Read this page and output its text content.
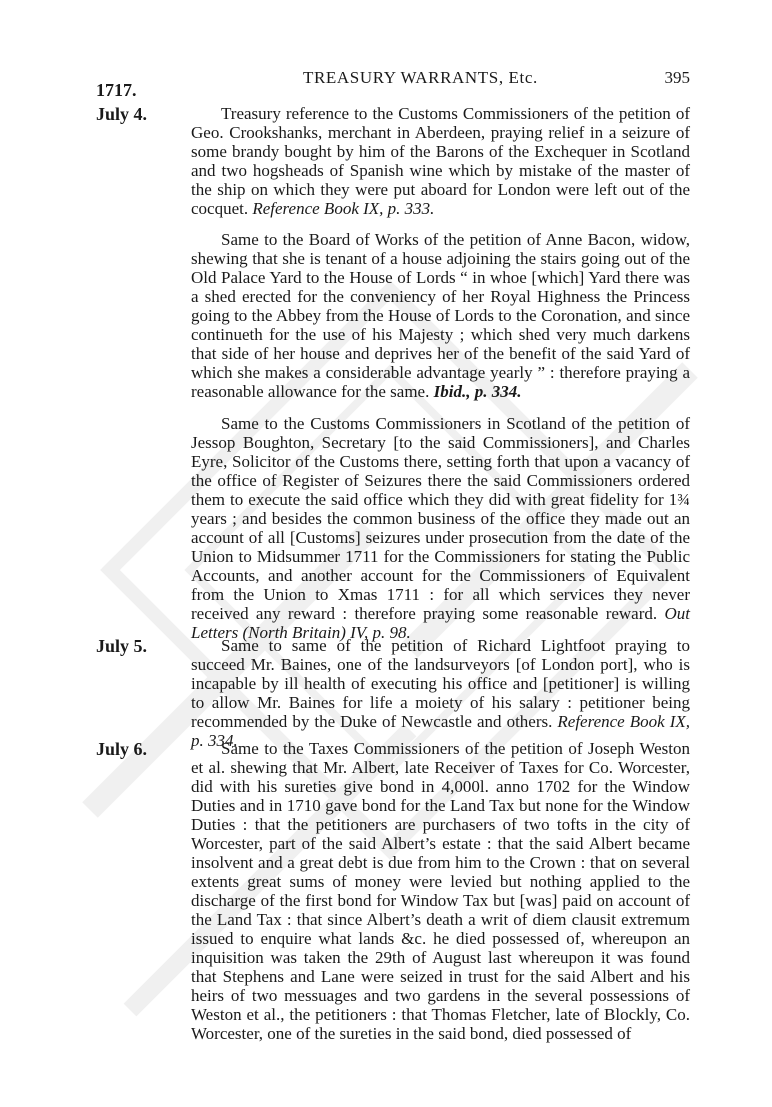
1717.
TREASURY WARRANTS, Etc.	395
July 4.	Treasury reference to the Customs Commissioners of the petition of Geo. Crookshanks, merchant in Aberdeen, praying relief in a seizure of some brandy bought by him of the Barons of the Exchequer in Scotland and two hogsheads of Spanish wine which by mistake of the master of the ship on which they were put aboard for London were left out of the cocquet. Reference Book IX, p. 333.

Same to the Board of Works of the petition of Anne Bacon, widow, shewing that she is tenant of a house adjoining the stairs going out of the Old Palace Yard to the House of Lords “ in whoe [which] Yard there was a shed erected for the conveniency of her Royal Highness the Princess going to the Abbey from the House of Lords to the Coronation, and since continueth for the use of his Majesty ; which shed very much darkens that side of her house and deprives her of the benefit of the said Yard of which she makes a considerable advantage yearly ” : therefore praying a reasonable allowance for the same. Ibid., p. 334.

Same to the Customs Commissioners in Scotland of the petition of Jessop Boughton, Secretary [to the said Commissioners], and Charles Eyre, Solicitor of the Customs there, setting forth that upon a vacancy of the office of Register of Seizures there the said Commissioners ordered them to execute the said office which they did with great fidelity for 1¾ years ; and besides the common business of the office they made out an account of all [Customs] seizures under prosecution from the date of the Union to Midsummer 1711 for the Commissioners for stating the Public Accounts, and another account for the Commissioners of Equivalent from the Union to Xmas 1711 : for all which services they never received any reward : therefore praying some reasonable reward. Out Letters (North Britain) IV, p. 98.

July 5.	Same to same of the petition of Richard Lightfoot praying to succeed Mr. Baines, one of the landsurveyors [of London port], who is incapable by ill health of executing his office and [petitioner] is willing to allow Mr. Baines for life a moiety of his salary : petitioner being recommended by the Duke of Newcastle and others. Reference Book IX, p. 334.

July 6.	Same to the Taxes Commissioners of the petition of Joseph Weston et al. shewing that Mr. Albert, late Receiver of Taxes for Co. Worcester, did with his sureties give bond in 4,000l. anno 1702 for the Window Duties and in 1710 gave bond for the Land Tax but none for the Window Duties : that the petitioners are purchasers of two tofts in the city of Worcester, part of the said Albert’s estate : that the said Albert became insolvent and a great debt is due from him to the Crown : that on several extents great sums of money were levied but nothing applied to the discharge of the first bond for Window Tax but [was] paid on account of the Land Tax : that since Albert’s death a writ of diem clausit extremum issued to enquire what lands &c. he died possessed of, whereupon an inquisition was taken the 29th of August last whereupon it was found that Stephens and Lane were seized in trust for the said Albert and his heirs of two messuages and two gardens in the several possessions of Weston et al., the petitioners : that Thomas Fletcher, late of Blockly, Co. Worcester, one of the sureties in the said bond, died possessed of
